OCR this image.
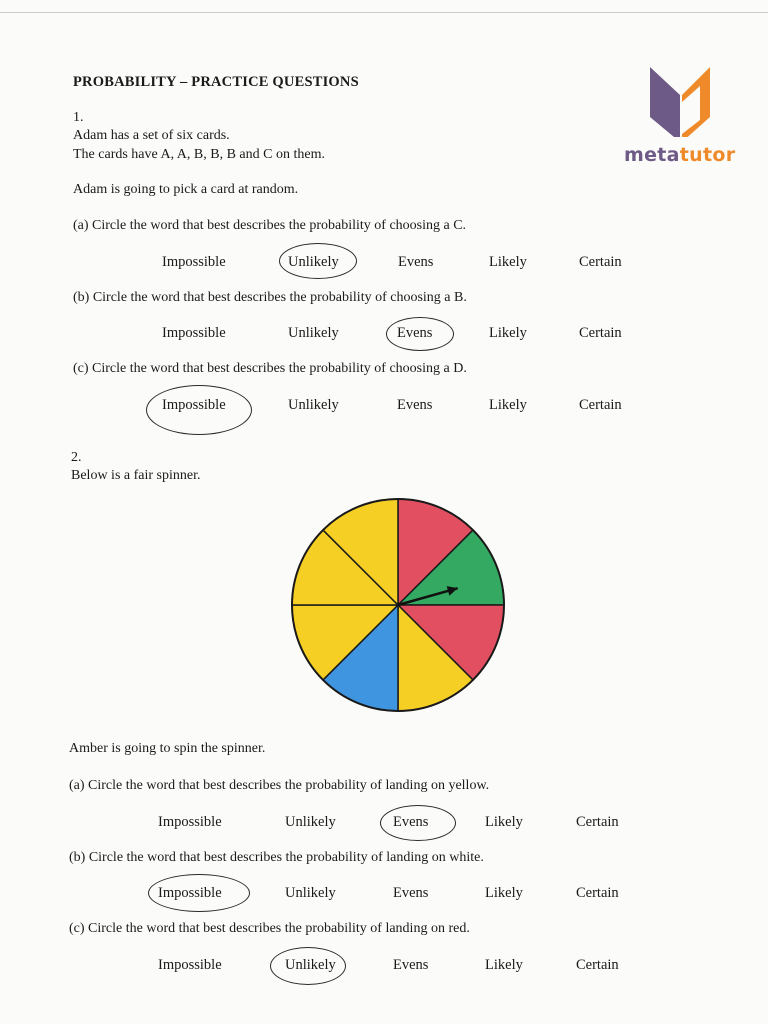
PROBABILITY – PRACTICE QUESTIONS
metatutor
1.
Adam has a set of six cards.
The cards have A, A, B, B, B and C on them.
Adam is going to pick a card at random.
(a) Circle the word that best describes the probability of choosing a C.
Impossible	Unlikely	Evens	Likely	Certain
(b) Circle the word that best describes the probability of choosing a B.
Impossible	Unlikely	Evens	Likely	Certain
(c) Circle the word that best describes the probability of choosing a D.
Impossible	Unlikely	Evens	Likely	Certain
2.
Below is a fair spinner.
Amber is going to spin the spinner.
(a) Circle the word that best describes the probability of landing on yellow.
Impossible	Unlikely	Evens	Likely	Certain
(b) Circle the word that best describes the probability of landing on white.
Impossible	Unlikely	Evens	Likely	Certain
(c) Circle the word that best describes the probability of landing on red.
Impossible	Unlikely	Evens	Likely	Certain
